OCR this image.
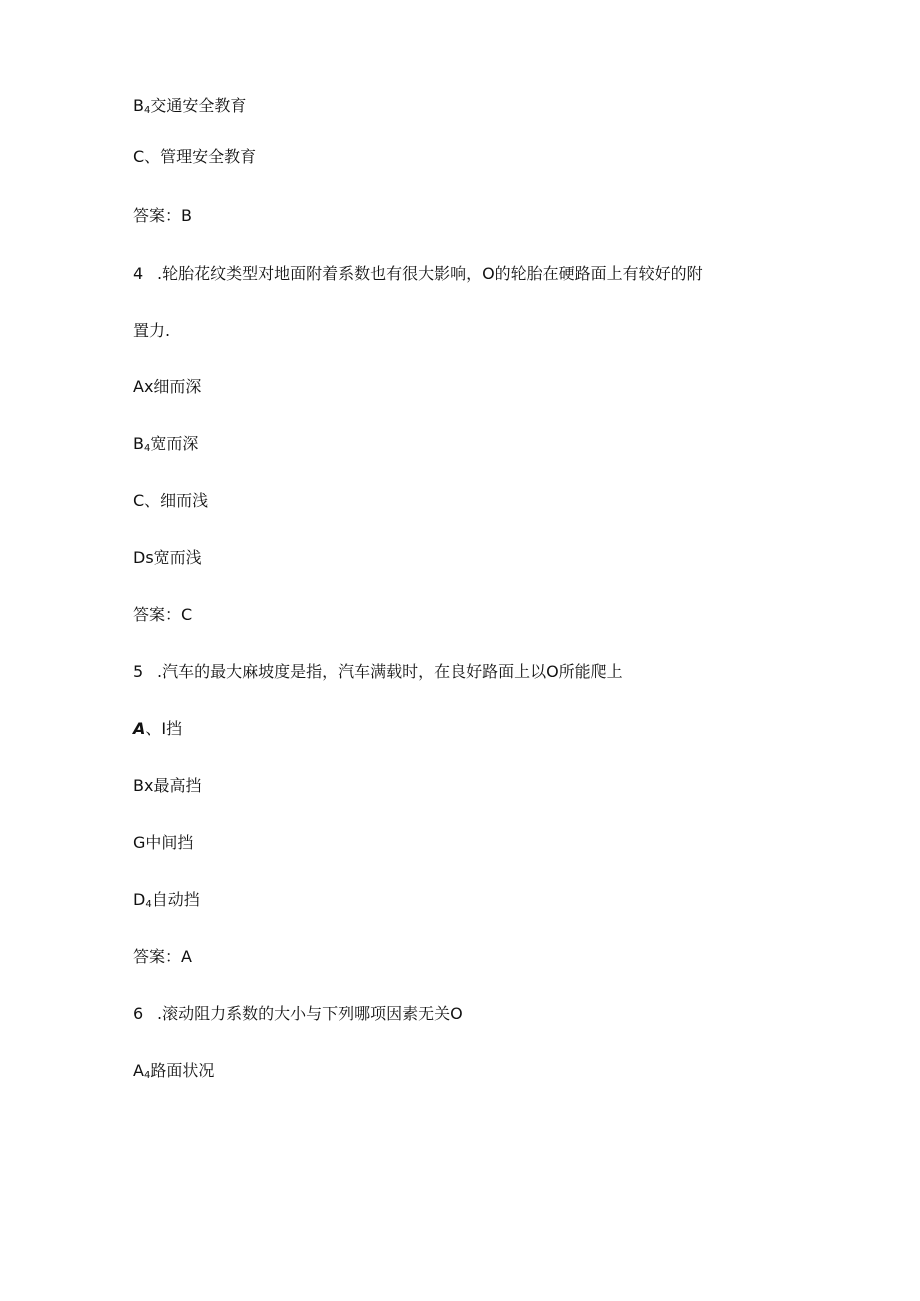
$B_4$交通安全教育
C、管理安全教育
答案：B
4 .轮胎花纹类型对地面附着系数也有很大影响，O的轮胎在硬路面上有较好的附
置力.
Ax细而深
$B_4$宽而深
C、细而浅
Ds宽而浅
答案：C
5 .汽车的最大麻坡度是指，汽车满载时，在良好路面上以O所能爬上
A、I挡
Bx最高挡
G中间挡
$D_4$自动挡
答案：A
6 .滚动阻力系数的大小与下列哪项因素无关O
$A_4$路面状况
